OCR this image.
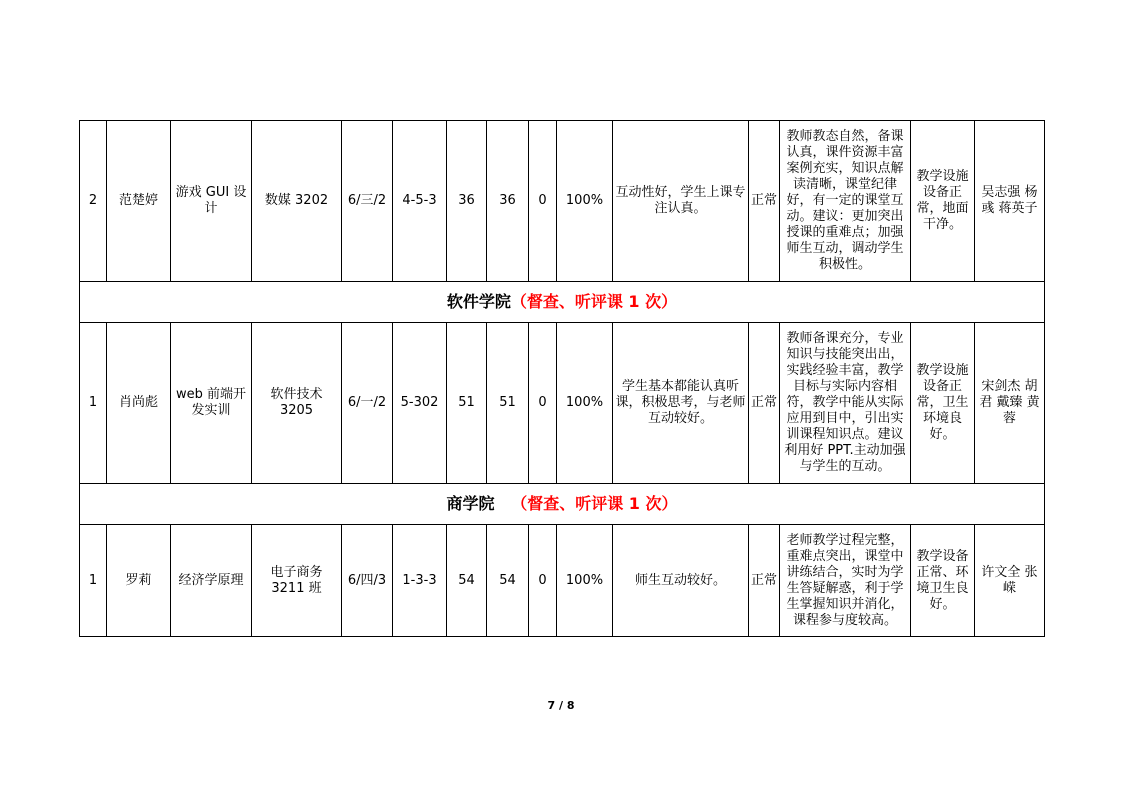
2	范楚婷	游戏 GUI 设计	数媒 3202	6/三/2	4-5-3	36	36	0	100%	互动性好，学生上课专注认真。	正常	教师教态自然，备课认真，课件资源丰富案例充实，知识点解读清晰，课堂纪律好，有一定的课堂互动。建议：更加突出授课的重难点；加强师生互动，调动学生积极性。	教学设施设备正常，地面干净。	吴志强 杨彧 蒋英子
软件学院（督查、听评课 1 次）														
1	肖尚彪	web 前端开发实训	软件技术 3205	6/一/2	5-302	51	51	0	100%	学生基本都能认真听课，积极思考，与老师互动较好。	正常	教师备课充分，专业知识与技能突出出，实践经验丰富，教学目标与实际内容相符，教学中能从实际应用到目中，引出实训课程知识点。建议利用好 PPT.主动加强与学生的互动。	教学设施设备正常，卫生环境良好。	宋剑杰 胡君 戴臻 黄蓉
商学院 （督查、听评课 1 次）														
1	罗莉	经济学原理	电子商务 3211 班	6/四/3	1-3-3	54	54	0	100%	师生互动较好。	正常	老师教学过程完整，重难点突出，课堂中讲练结合，实时为学生答疑解惑，利于学生掌握知识并消化，课程参与度较高。	教学设备正常、环境卫生良好。	许文全 张嵘
7 / 8
